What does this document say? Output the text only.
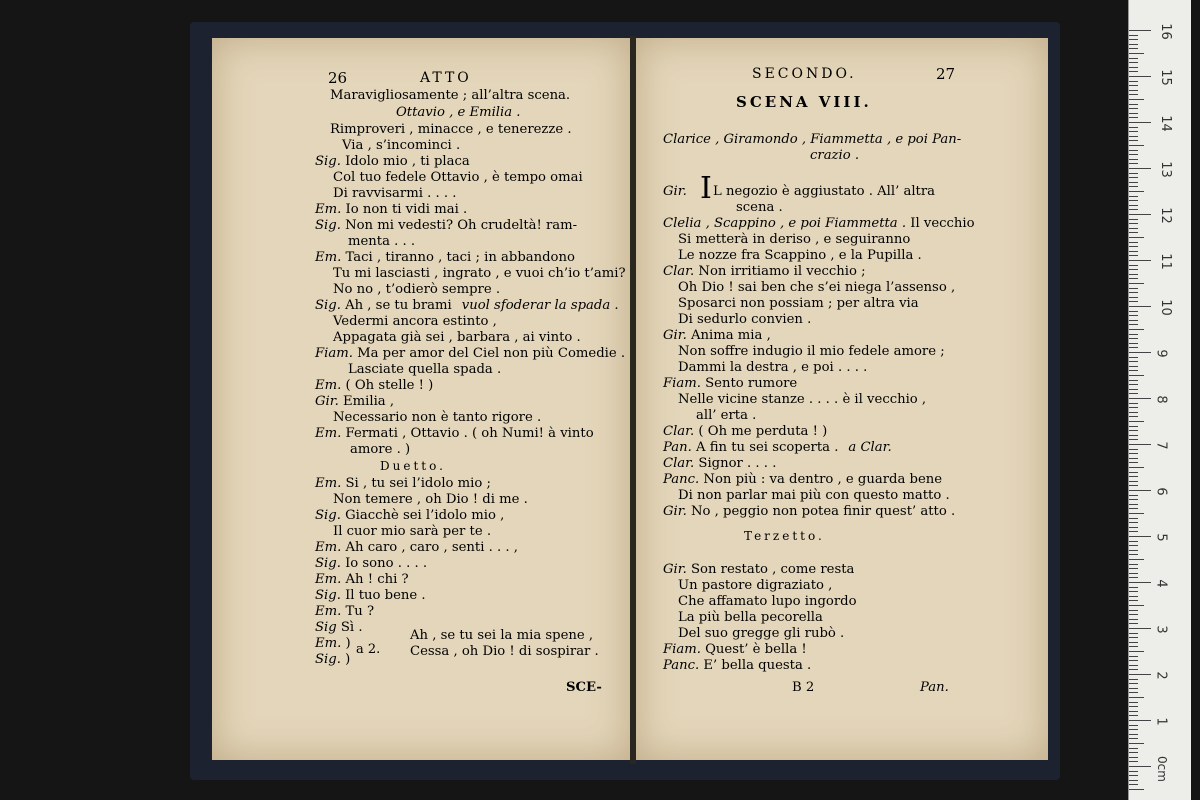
26	ATTO
Maravigliosamente ; all’altra scena.
Ottavio , e Emilia .
Rimproveri , minacce , e tenerezze .
Via , s’incominci .
Sig. Idolo mio , ti placa
Col tuo fedele Ottavio , è tempo omai
Di ravvisarmi . . . .
Em. Io non ti vidi mai .
Sig. Non mi vedesti? Oh crudeltà! ram-
menta . . .
Em. Taci , tiranno , taci ; in abbandono
Tu mi lasciasti , ingrato , e vuoi ch’io t’ami?
No no , t’odierò sempre .
Sig. Ah , se tu brami vuol sfoderar la spada .
Vedermi ancora estinto ,
Appagata già sei , barbara , ai vinto .
Fiam. Ma per amor del Ciel non più Comedie .
Lasciate quella spada .
Em. ( Oh stelle ! )
Gir. Emilia ,
Necessario non è tanto rigore .
Em. Fermati , Ottavio . ( oh Numi! à vinto
amore . )
Duetto.
Em. Si , tu sei l’idolo mio ;
Non temere , oh Dio ! di me .
Sig. Giacchè sei l’idolo mio ,
Il cuor mio sarà per te .
Em. Ah caro , caro , senti . . . ,
Sig. Io sono . . . .
Em. Ah ! chi ?
Sig. Il tuo bene .
Em. Tu ?
Sig Sì .
Em. )
Sig. )
a 2.
Ah , se tu sei la mia spene ,
Cessa , oh Dio ! di sospirar .
SCE-
SECONDO.	27
SCENA VIII.
Clarice , Giramondo , Fiammetta , e poi Pan-
crazio .
I
Gir. L negozio è aggiustato . All’ altra
scena .
Clelia , Scappino , e poi Fiammetta . Il vecchio
Si metterà in deriso , e seguiranno
Le nozze fra Scappino , e la Pupilla .
Clar. Non irritiamo il vecchio ;
Oh Dio ! sai ben che s’ei niega l’assenso ,
Sposarci non possiam ; per altra via
Di sedurlo convien .
Gir. Anima mia ,
Non soffre indugio il mio fedele amore ;
Dammi la destra , e poi . . . .
Fiam. Sento rumore
Nelle vicine stanze . . . . è il vecchio ,
all’ erta .
Clar. ( Oh me perduta ! )
Pan. A fin tu sei scoperta . a Clar.
Clar. Signor . . . .
Panc. Non più : va dentro , e guarda bene
Di non parlar mai più con questo matto .
Gir. No , peggio non potea finir quest’ atto .
Terzetto.
Gir. Son restato , come resta
Un pastore digraziato ,
Che affamato lupo ingordo
La più bella pecorella
Del suo gregge gli rubò .
Fiam. Quest’ è bella !
Panc. E’ bella questa .
B 2	Pan.
16
15
14
13
12
11
10
9
8
7
6
5
4
3
2
1
0cm
